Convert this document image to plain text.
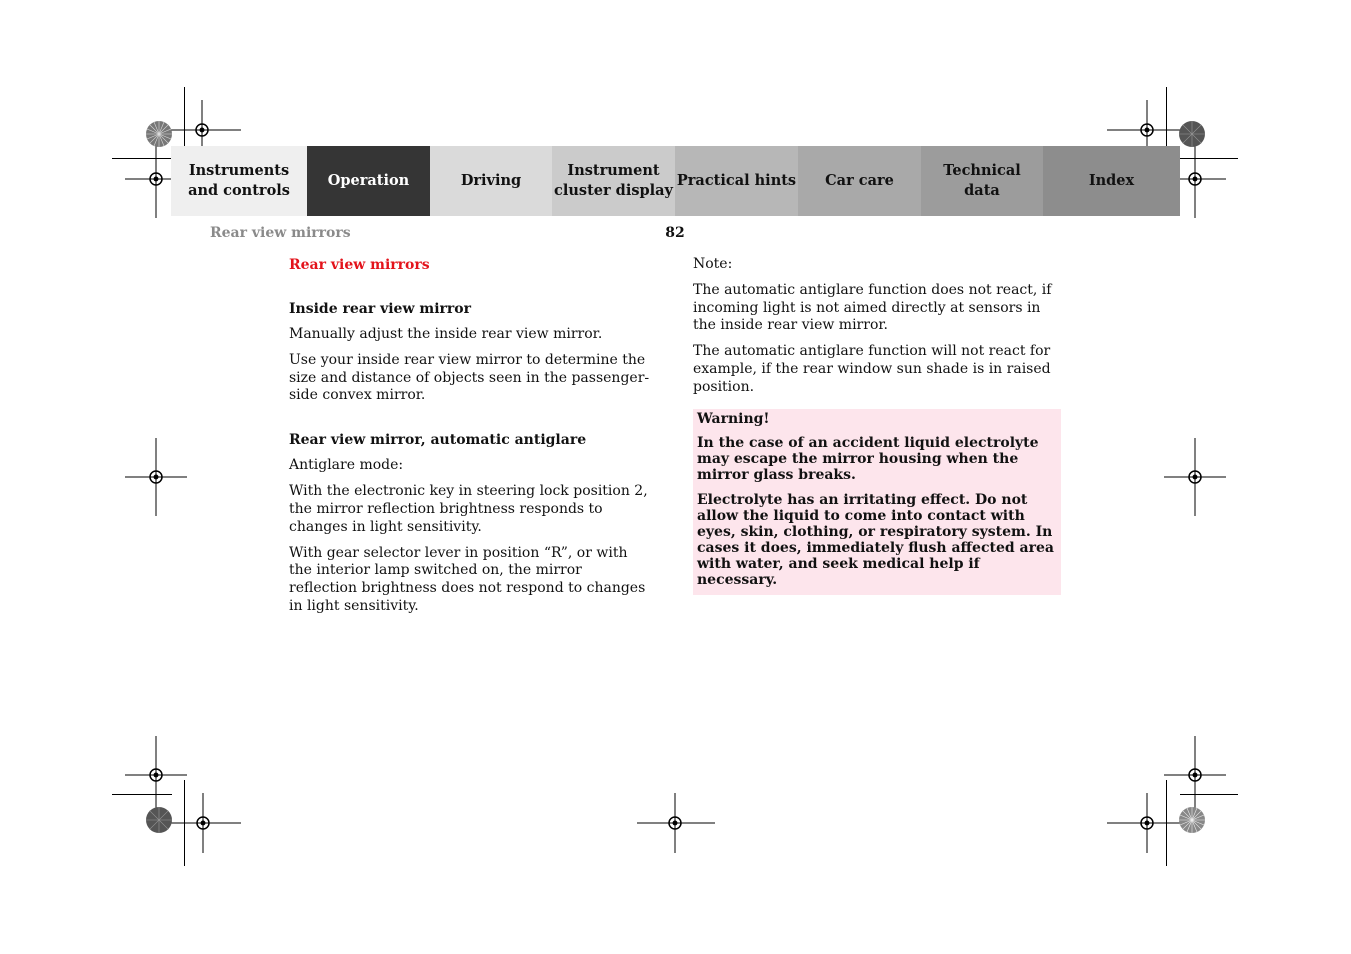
Instruments
and controls
Operation	Driving
Instrument
cluster display
Practical hints	Car care
Technical
data
Index
Rear view mirrors	82
Rear view mirrors
Inside rear view mirror

Manually adjust the inside rear view mirror.

Use your inside rear view mirror to determine the size and distance of objects seen in the passenger-side convex mirror.

Rear view mirror, automatic antiglare

Antiglare mode:

With the electronic key in steering lock position 2, the mirror reflection brightness responds to changes in light sensitivity.

With gear selector lever in position “R”, or with the interior lamp switched on, the mirror reflection brightness does not respond to changes in light sensitivity.

Note:

The automatic antiglare function does not react, if incoming light is not aimed directly at sensors in the inside rear view mirror.

The automatic antiglare function will not react for example, if the rear window sun shade is in raised position.

Warning!
In the case of an accident liquid electrolyte may escape the mirror housing when the mirror glass breaks.
Electrolyte has an irritating effect. Do not allow the liquid to come into contact with eyes, skin, clothing, or respiratory system. In cases it does, immediately flush affected area with water, and seek medical help if necessary.
